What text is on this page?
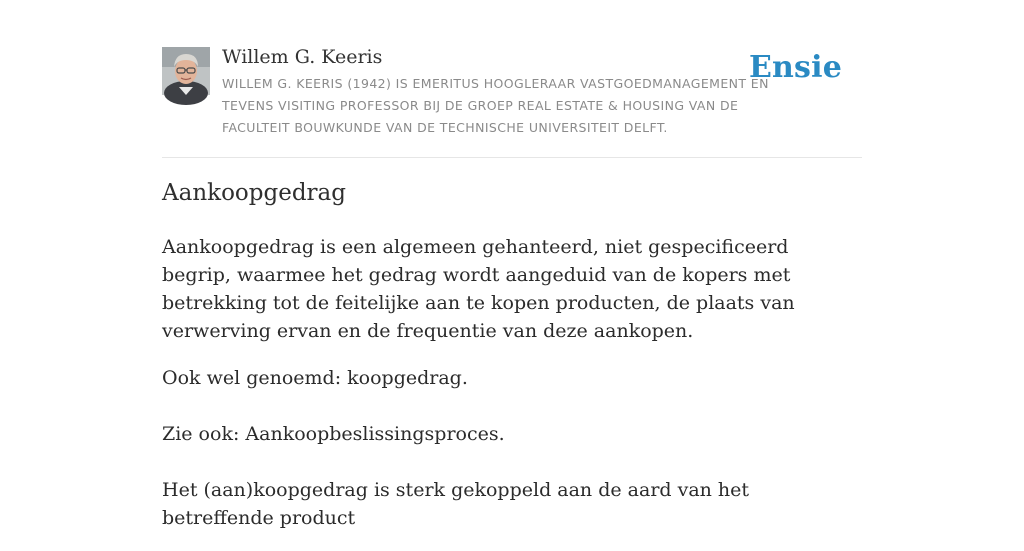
Willem G. Keeris
WILLEM G. KEERIS (1942) IS EMERITUS HOOGLERAAR VASTGOEDMANAGEMENT EN TEVENS VISITING PROFESSOR BIJ DE GROEP REAL ESTATE & HOUSING VAN DE FACULTEIT BOUWKUNDE VAN DE TECHNISCHE UNIVERSITEIT DELFT.
Ensie
Aankoopgedrag

Aankoopgedrag is een algemeen gehanteerd, niet gespecificeerd begrip, waarmee het gedrag wordt aangeduid van de kopers met betrekking tot de feitelijke aan te kopen producten, de plaats van verwerving ervan en de frequentie van deze aankopen.

Ook wel genoemd: koopgedrag.

Zie ook: Aankoopbeslissingsproces.

Het (aan)koopgedrag is sterk gekoppeld aan de aard van het betreffende product
